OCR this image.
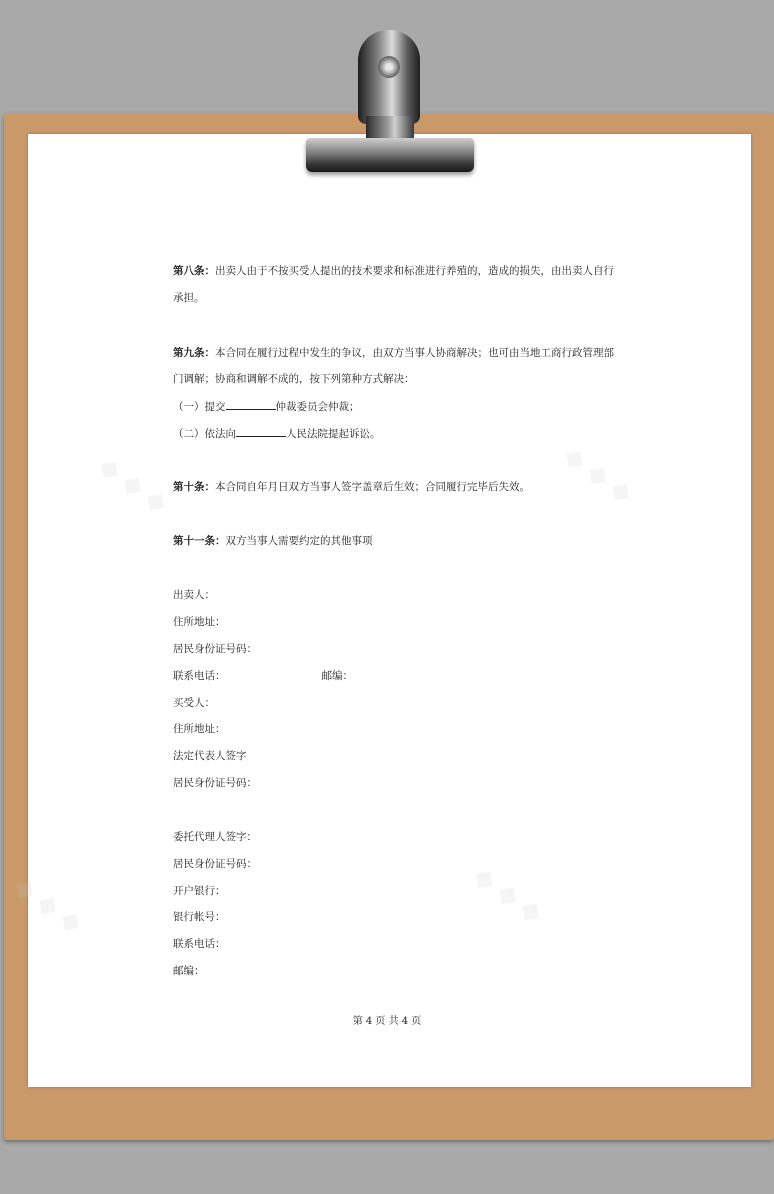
◆ ◆ ◆	◆ ◆ ◆
◆ ◆ ◆	◆ ◆ ◆
第八条：出卖人由于不按买受人提出的技术要求和标准进行养殖的，造成的损失，由出卖人自行
承担。
第九条：本合同在履行过程中发生的争议，由双方当事人协商解决；也可由当地工商行政管理部
门调解；协商和调解不成的，按下列第种方式解决：
（一）提交	仲裁委员会仲裁；
（二）依法向	人民法院提起诉讼。
第十条：本合同自年月日双方当事人签字盖章后生效；合同履行完毕后失效。
第十一条：双方当事人需要约定的其他事项
出卖人：
住所地址：
居民身份证号码：
联系电话：	邮编：
买受人：
住所地址：
法定代表人签字
居民身份证号码：
委托代理人签字：
居民身份证号码：
开户银行：
银行帐号：
联系电话：
邮编：
第 4 页 共 4 页
